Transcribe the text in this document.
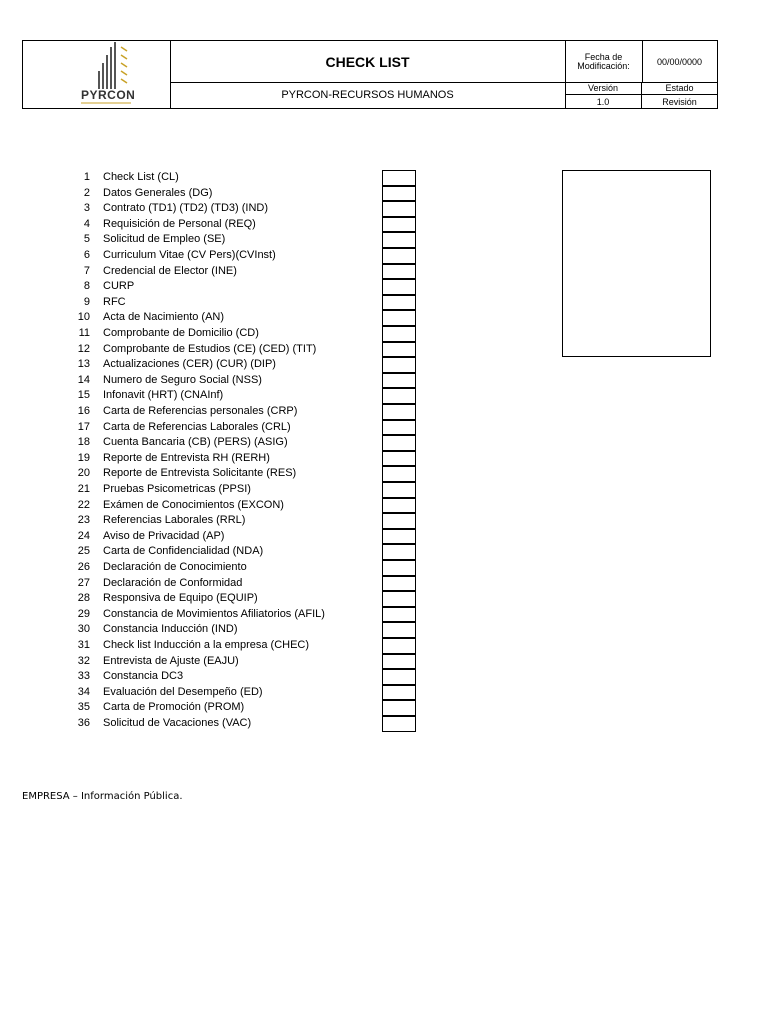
PYRCON
CHECK LIST
PYRCON-RECURSOS HUMANOS
Fecha de
Modificación:	00/00/0000
Versión
1.0
Estado
Revisión
1 Check List (CL)
2 Datos Generales (DG)
3 Contrato (TD1) (TD2) (TD3) (IND)
4 Requisición de Personal (REQ)
5 Solicitud de Empleo (SE)
6 Curriculum Vitae (CV Pers)(CVInst)
7 Credencial de Elector (INE)
8 CURP
9 RFC
10 Acta de Nacimiento (AN)
11 Comprobante de Domicilio (CD)
12 Comprobante de Estudios (CE) (CED) (TIT)
13 Actualizaciones (CER) (CUR) (DIP)
14 Numero de Seguro Social (NSS)
15 Infonavit (HRT) (CNAInf)
16 Carta de Referencias personales (CRP)
17 Carta de Referencias Laborales (CRL)
18 Cuenta Bancaria (CB) (PERS) (ASIG)
19 Reporte de Entrevista RH (RERH)
20 Reporte de Entrevista Solicitante (RES)
21 Pruebas Psicometricas (PPSI)
22 Exámen de Conocimientos (EXCON)
23 Referencias Laborales (RRL)
24 Aviso de Privacidad (AP)
25 Carta de Confidencialidad (NDA)
26 Declaración de Conocimiento
27 Declaración de Conformidad
28 Responsiva de Equipo (EQUIP)
29 Constancia de Movimientos Afiliatorios (AFIL)
30 Constancia Inducción (IND)
31 Check list Inducción a la empresa (CHEC)
32 Entrevista de Ajuste (EAJU)
33 Constancia DC3
34 Evaluación del Desempeño (ED)
35 Carta de Promoción (PROM)
36 Solicitud de Vacaciones (VAC)
EMPRESA – Información Pública.
